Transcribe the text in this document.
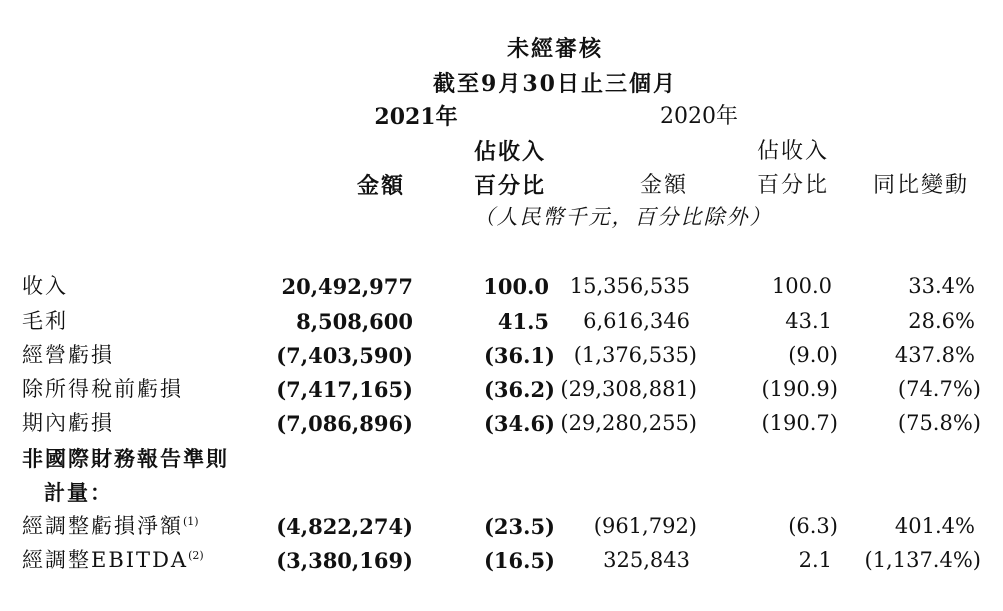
未經審核
截至9月30日止三個月
2021年	2020年
佔收入	佔收入
金額	百分比	金額	百分比 同比變動
（人民幣千元，百分比除外）
收入	20,492,977	100.0 15,356,535	100.0	33.4%
毛利	8,508,600	41.5 6,616,346	43.1	28.6%
經營虧損	(7,403,590)	(36.1) (1,376,535)	(9.0)	437.8%
除所得稅前虧損	(7,417,165)	(36.2) (29,308,881)	(190.9)	(74.7%)
期內虧損	(7,086,896)	(34.6) (29,280,255)	(190.7)	(75.8%)
非國際財務報告準則
計量：
經調整虧損淨額$^{(1)}$	(4,822,274)	(23.5) (961,792)	(6.3)	401.4%
經調整EBITDA$^{(2)}$	(3,380,169)	(16.5) 325,843	2.1 (1,137.4%)
